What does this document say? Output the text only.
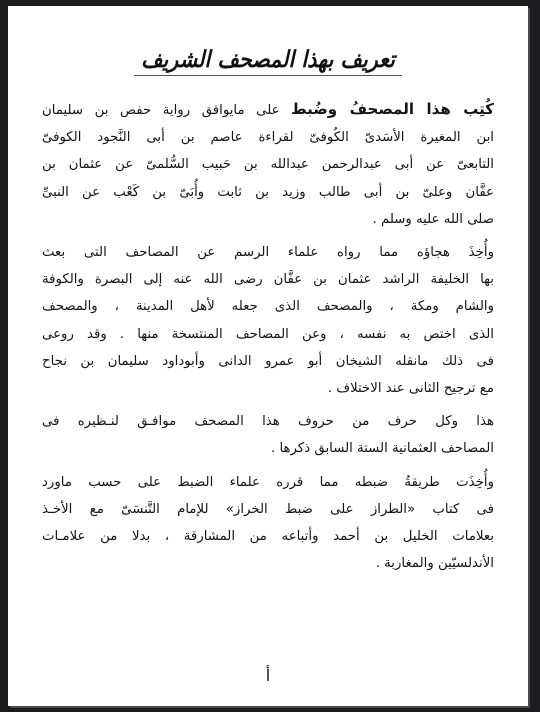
تعريف بهذا المصحف الشريف
كُتِب هذا المصحفُ وضُبط على مايوافق رواية حفص بن سليمان
ابن المغيرة الأسَدىّ الكُوفىّ لقراءة عاصم بن أبى النَّجود الكوفىّ
التابعىّ عن أبى عبدالرحمن عبدالله بن حَبيب السُّلمىّ عن عثمان بن
عفَّان وعلىّ بن أبى طالب وزيد بن ثابت وأُبَىّ بن كَعْب عن النبىِّ
صلى الله عليه وسلم .
وأُخِذَ هجاؤه مما رواه علماء الرسم عن المصاحف التى بعث
بها الخليفة الراشد عثمان بن عفَّان رضى الله عنه إلى البصرة والكوفة
والشام ومكة ، والمصحف الذى جعله لأهل المدينة ، والمصحف
الذى اختص به نفسه ، وعن المصاحف المنتسخة منها . وقد روعى
فى ذلك مانقله الشيخان أبو عمرو الدانى وأبوداود سليمان بن نجاح
مع ترجيح الثانى عند الاختلاف .
هذا وكل حرف من حروف هذا المصحف موافـق لنـظيره فى
المصاحف العثمانية الستة السابق ذكرها .
وأُخِذَت طريقةُ ضبطه مما قرره علماء الضبط على حسب ماورد
فى كتاب «الطراز على ضبط الخراز» للإمام التَّنسَىّ مع الأخـذ
بعلامات الخليل بن أحمد وأتباعه من المشارقة ، بدلا من علامـات
الأندلسيّين والمغاربة .
أ
